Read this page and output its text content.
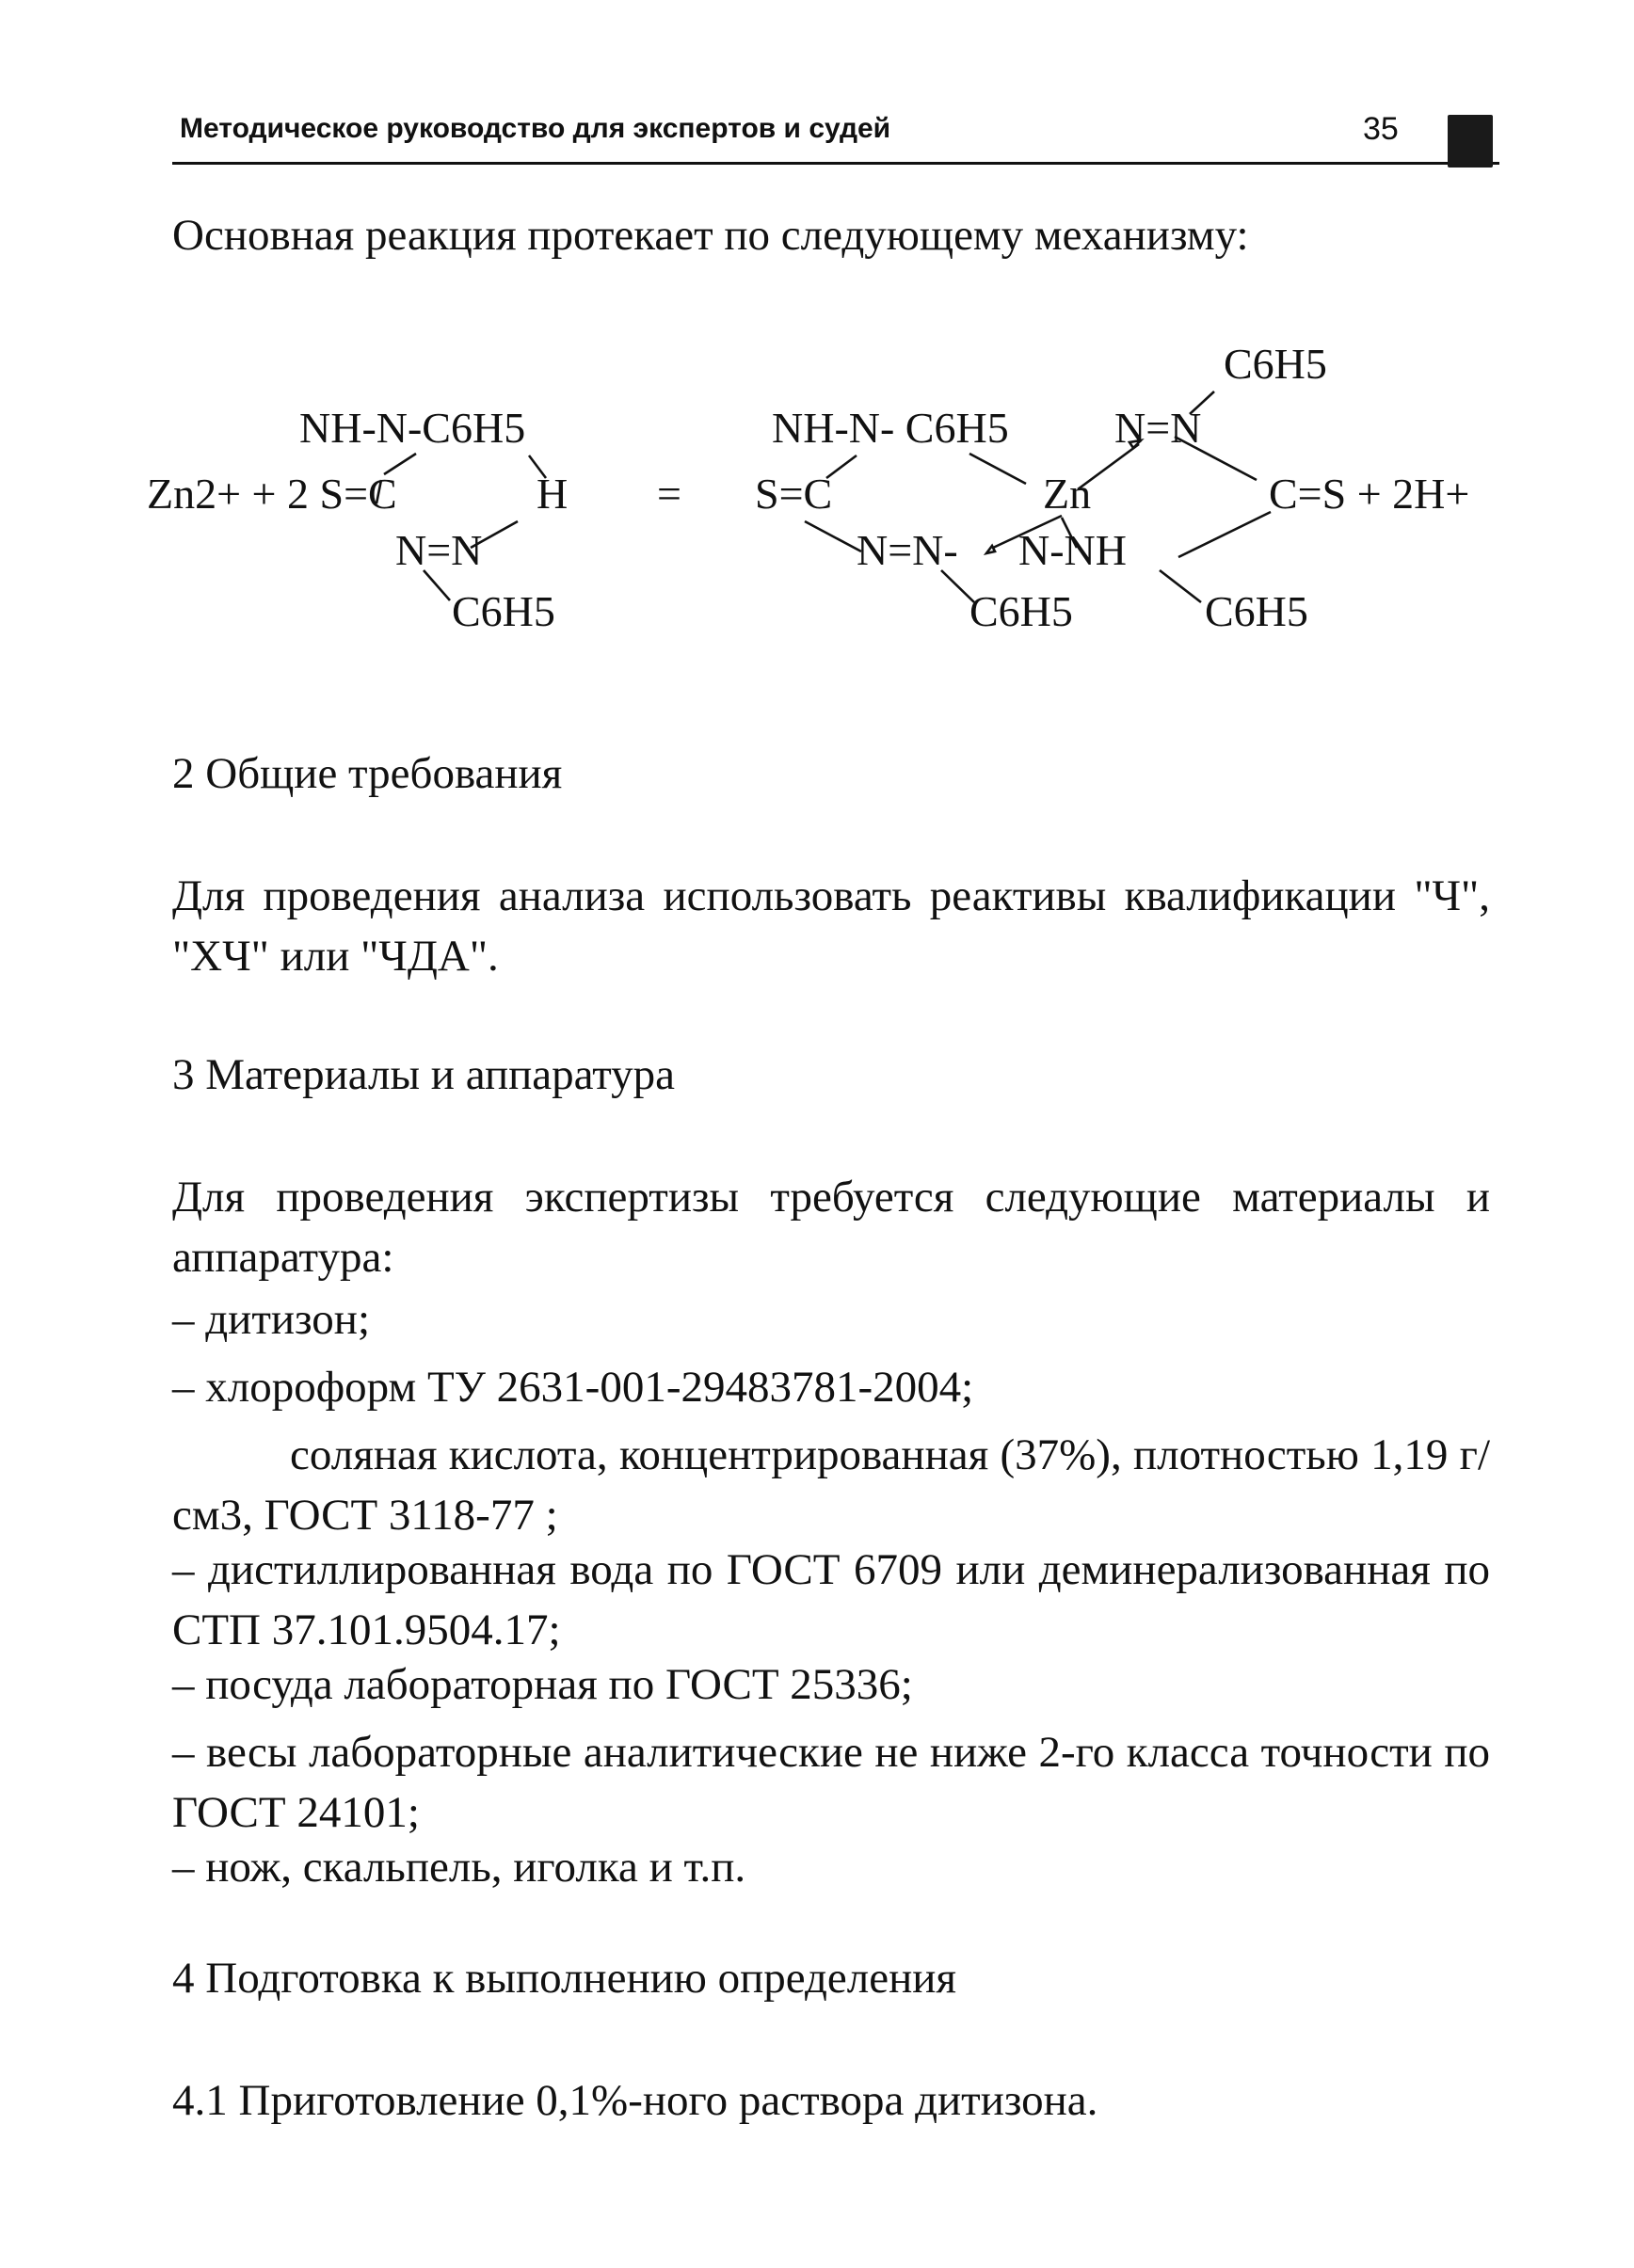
Методическое руководство для экспертов и судей	35

Основная реакция протекает по следующему механизму:

NH-N-C6H5
Zn2+ + 2 S=C	H
N=N
C6H5
=
C6H5
NH-N- C6H5 N=N
S=C	Zn	C=S + 2H+
N=N- N-NH
C6H5	C6H5

2 Общие требования

Для проведения анализа использовать реактивы квалификации "Ч", "ХЧ" или "ЧДА".

3 Материалы и аппаратура

Для проведения экспертизы требуется следующие материалы и аппаратура:

– дитизон;

– хлороформ ТУ 2631-001-29483781-2004;

соляная кислота, концентрированная (37%), плотностью 1,19 г/см3, ГОСТ 3118-77 ;

– дистиллированная вода по ГОСТ 6709 или деминерализованная по СТП 37.101.9504.17;

– посуда лабораторная по ГОСТ 25336;

– весы лабораторные аналитические не ниже 2-го класса точности по ГОСТ 24101;

– нож, скальпель, иголка и т.п.

4 Подготовка к выполнению определения

4.1 Приготовление 0,1%-ного раствора дитизона.
